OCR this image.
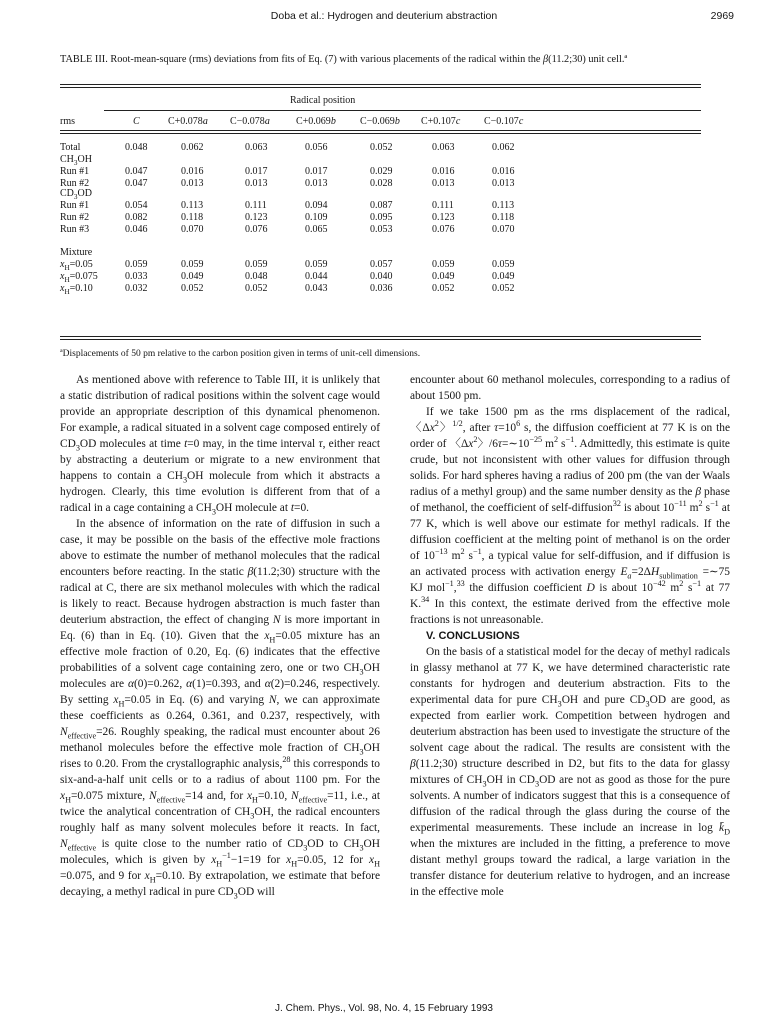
Doba et al.: Hydrogen and deuterium abstraction	2969
TABLE III. Root-mean-square (rms) deviations from fits of Eq. (7) with various placements of the radical within the β(11.2;30) unit cell.ª
Radical position
rms	C	C+0.078a C−0.078a	C+0.069b C−0.069b C+0.107c C−0.107c
Total	0.048	0.062	0.063	0.056	0.052	0.063	0.062
$CH_3OH$
Run #1	0.047	0.016	0.017	0.017	0.029	0.016	0.016
Run #2	0.047	0.013	0.013	0.013	0.028	0.013	0.013
$CD_3OD$
Run #1	0.054	0.113	0.111	0.094	0.087	0.111	0.113
Run #2	0.082	0.118	0.123	0.109	0.095	0.123	0.118
Run #3	0.046	0.070	0.076	0.065	0.053	0.076	0.070
Mixture
$x_H=0.05$	0.059	0.059	0.059	0.059	0.057	0.059	0.059
$x_H=0.075$	0.033	0.049	0.048	0.044	0.040	0.049	0.049
$x_H=0.10$	0.032	0.052	0.052	0.043	0.036	0.052	0.052
ªDisplacements of 50 pm relative to the carbon position given in terms of unit-cell dimensions.

As mentioned above with reference to Table III, it is unlikely that a static distribution of radical positions within the solvent cage would provide an appropriate description of this dynamical phenomenon. For example, a radical situated in a solvent cage composed entirely of $CD_3OD$ molecules at time t=0 may, in the time interval τ, either react by abstracting a deuterium or migrate to a new environment that happens to contain a $CH_3OH$ molecule from which it abstracts a hydrogen. Clearly, this time evolution is different from that of a radical in a cage containing a $CH_3OH$ molecule at t=0.

In the absence of information on the rate of diffusion in such a case, it may be possible on the basis of the effective mole fractions above to estimate the number of methanol molecules that the radical encounters before reacting. In the static β(11.2;30) structure with the radical at C, there are six methanol molecules with which the radical is likely to react. Because hydrogen abstraction is much faster than deuterium abstraction, the effect of changing N is more important in Eq. (6) than in Eq. (10). Given that the $x_H=0.05$ mixture has an effective mole fraction of 0.20, Eq. (6) indicates that the effective probabilities of a solvent cage containing zero, one or two $CH_3OH$ molecules are α(0)=0.262, α(1)=0.393, and α(2)=0.246, respectively. By setting $x_H=0.05$ in Eq. (6) and varying N, we can approximate these coefficients as 0.264, 0.361, and 0.237, respectively, with $N_{effective}=26$. Roughly speaking, the radical must encounter about 26 methanol molecules before the effective mole fraction of $CH_3OH$ rises to 0.20. From the crystallographic analysis,$^{28}$ this corresponds to six-and-a-half unit cells or to a radius of about 1100 pm. For the $x_H=0.075$ mixture, $N_{effective}=14$ and, for $x_H=0.10$, $N_{effective}=11$, i.e., at twice the analytical concentration of $CH_3OH$, the radical encounters roughly half as many solvent molecules before it reacts. In fact, $N_{effective}$ is quite close to the number ratio of $CD_3OD$ to $CH_3OH$ molecules, which is given by $x_H^{-1}-1=19$ for $x_H=0.05$, 12 for $x_H =0.075$, and 9 for $x_H=0.10$. By extrapolation, we estimate that before decaying, a methyl radical in pure $CD_3OD$ will

encounter about 60 methanol molecules, corresponding to a radius of about 1500 pm.

If we take 1500 pm as the rms displacement of the radical, 〈$\Delta x^2$〉$^{1/2}$, after $\tau=10^6$ s, the diffusion coefficient at 77 K is on the order of 〈$\Delta x^2$〉$/6\tau=\sim 10^{-25}$ $m^2$ $s^{-1}$. Admittedly, this estimate is quite crude, but not inconsistent with other values for diffusion through solids. For hard spheres having a radius of 200 pm (the van der Waals radius of a methyl group) and the same number density as the β phase of methanol, the coefficient of self-diffusion$^{32}$ is about $10^{-11}$ $m^2$ $s^{-1}$ at 77 K, which is well above our estimate for methyl radicals. If the diffusion coefficient at the melting point of methanol is on the order of $10^{-13}$ $m^2$ $s^{-1}$, a typical value for self-diffusion, and if diffusion is an activated process with activation energy $E_a=2\Delta H_{sublimation}$ =∼75 KJ mol$^{-1}$,$^{33}$ the diffusion coefficient D is about $10^{-42}$ $m^2$ $s^{-1}$ at 77 K.$^{34}$ In this context, the estimate derived from the effective mole fractions is not unreasonable.

V. CONCLUSIONS

On the basis of a statistical model for the decay of methyl radicals in glassy methanol at 77 K, we have determined characteristic rate constants for hydrogen and deuterium abstraction. Fits to the experimental data for pure $CH_3OH$ and pure $CD_3OD$ are good, as expected from earlier work. Competition between hydrogen and deuterium abstraction has been used to investigate the structure of the solvent cage about the radical. The results are consistent with the β(11.2;30) structure described in D2, but fits to the data for glassy mixtures of $CH_3OH$ in $CD_3OD$ are not as good as those for the pure solvents. A number of indicators suggest that this is a consequence of diffusion of the radical through the glass during the course of the experimental measurements. These include an increase in $\log k̄_D$ when the mixtures are included in the fitting, a preference to move distant methyl groups toward the radical, a large variation in the transfer distance for deuterium relative to hydrogen, and an increase in the effective mole

J. Chem. Phys., Vol. 98, No. 4, 15 February 1993
